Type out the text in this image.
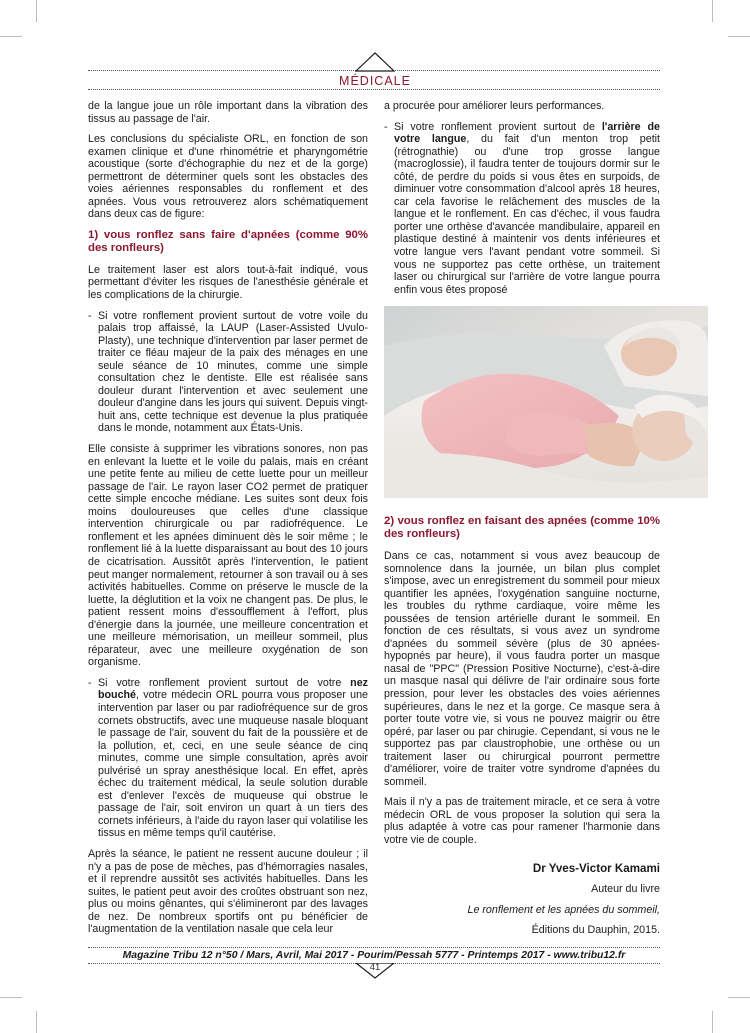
MÉDICALE

de la langue joue un rôle important dans la vibration des tissus au passage de l'air.

Les conclusions du spécialiste ORL, en fonction de son examen clinique et d'une rhinométrie et pharyngométrie acoustique (sorte d'échographie du nez et de la gorge) permettront de déterminer quels sont les obstacles des voies aériennes responsables du ronflement et des apnées. Vous vous retrouverez alors schématiquement dans deux cas de figure:

1) vous ronflez sans faire d'apnées (comme 90% des ronfleurs)

Le traitement laser est alors tout-à-fait indiqué, vous permettant d'éviter les risques de l'anesthésie générale et les complications de la chirurgie.

- Si votre ronflement provient surtout de votre voile du palais trop affaissé, la LAUP (Laser-Assisted Uvulo-Plasty), une technique d'intervention par laser permet de traiter ce fléau majeur de la paix des ménages en une seule séance de 10 minutes, comme une simple consultation chez le dentiste. Elle est réalisée sans douleur durant l'intervention et avec seulement une douleur d'angine dans les jours qui suivent. Depuis vingt-huit ans, cette technique est devenue la plus pratiquée dans le monde, notamment aux États-Unis.

Elle consiste à supprimer les vibrations sonores, non pas en enlevant la luette et le voile du palais, mais en créant une petite fente au milieu de cette luette pour un meilleur passage de l'air. Le rayon laser CO2 permet de pratiquer cette simple encoche médiane. Les suites sont deux fois moins douloureuses que celles d'une classique intervention chirurgicale ou par radiofréquence. Le ronflement et les apnées diminuent dès le soir même ; le ronflement lié à la luette disparaissant au bout des 10 jours de cicatrisation. Aussitôt après l'intervention, le patient peut manger normalement, retourner à son travail ou à ses activités habituelles. Comme on préserve le muscle de la luette, la déglutition et la voix ne changent pas. De plus, le patient ressent moins d'essoufflement à l'effort, plus d'énergie dans la journée, une meilleure concentration et une meilleure mémorisation, un meilleur sommeil, plus réparateur, avec une meilleure oxygénation de son organisme.

- Si votre ronflement provient surtout de votre nez bouché, votre médecin ORL pourra vous proposer une intervention par laser ou par radiofréquence sur de gros cornets obstructifs, avec une muqueuse nasale bloquant le passage de l'air, souvent du fait de la poussière et de la pollution, et, ceci, en une seule séance de cinq minutes, comme une simple consultation, après avoir pulvérisé un spray anesthésique local. En effet, après échec du traitement médical, la seule solution durable est d'enlever l'excès de muqueuse qui obstrue le passage de l'air, soit environ un quart à un tiers des cornets inférieurs, à l'aide du rayon laser qui volatilise les tissus en même temps qu'il cautérise.

Après la séance, le patient ne ressent aucune douleur ; il n'y a pas de pose de mèches, pas d'hémorragies nasales, et il reprendre aussitôt ses activités habituelles. Dans les suites, le patient peut avoir des croûtes obstruant son nez, plus ou moins gênantes, qui s'élimineront par des lavages de nez. De nombreux sportifs ont pu bénéficier de l'augmentation de la ventilation nasale que cela leur

a procurée pour améliorer leurs performances.

- Si votre ronflement provient surtout de l'arrière de votre langue, du fait d'un menton trop petit (rétrognathie) ou d'une trop grosse langue (macroglossie), il faudra tenter de toujours dormir sur le côté, de perdre du poids si vous êtes en surpoids, de diminuer votre consommation d'alcool après 18 heures, car cela favorise le relâchement des muscles de la langue et le ronflement. En cas d'échec, il vous faudra porter une orthèse d'avancée mandibulaire, appareil en plastique destiné à maintenir vos dents inférieures et votre langue vers l'avant pendant votre sommeil. Si vous ne supportez pas cette orthèse, un traitement laser ou chirurgical sur l'arrière de votre langue pourra enfin vous êtes proposé
2) vous ronflez en faisant des apnées (comme 10% des ronfleurs)

Dans ce cas, notamment si vous avez beaucoup de somnolence dans la journée, un bilan plus complet s'impose, avec un enregistrement du sommeil pour mieux quantifier les apnées, l'oxygénation sanguine nocturne, les troubles du rythme cardiaque, voire même les poussées de tension artérielle durant le sommeil. En fonction de ces résultats, si vous avez un syndrome d'apnées du sommeil sévère (plus de 30 apnées-hypopnés par heure), il vous faudra porter un masque nasal de "PPC" (Pression Positive Nocturne), c'est-à-dire un masque nasal qui délivre de l'air ordinaire sous forte pression, pour lever les obstacles des voies aériennes supérieures, dans le nez et la gorge. Ce masque sera à porter toute votre vie, si vous ne pouvez maigrir ou être opéré, par laser ou par chirugie. Cependant, si vous ne le supportez pas par claustrophobie, une orthèse ou un traitement laser ou chirurgical pourront permettre d'améliorer, voire de traiter votre syndrome d'apnées du sommeil.

Mais il n'y a pas de traitement miracle, et ce sera à votre médecin ORL de vous proposer la solution qui sera la plus adaptée à votre cas pour ramener l'harmonie dans votre vie de couple.

Dr Yves-Victor Kamami

Auteur du livre

Le ronflement et les apnées du sommeil,

Éditions du Dauphin, 2015.

Magazine Tribu 12 n°50 / Mars, Avril, Mai 2017 - Pourim/Pessah 5777 - Printemps 2017 - www.tribu12.fr
41
